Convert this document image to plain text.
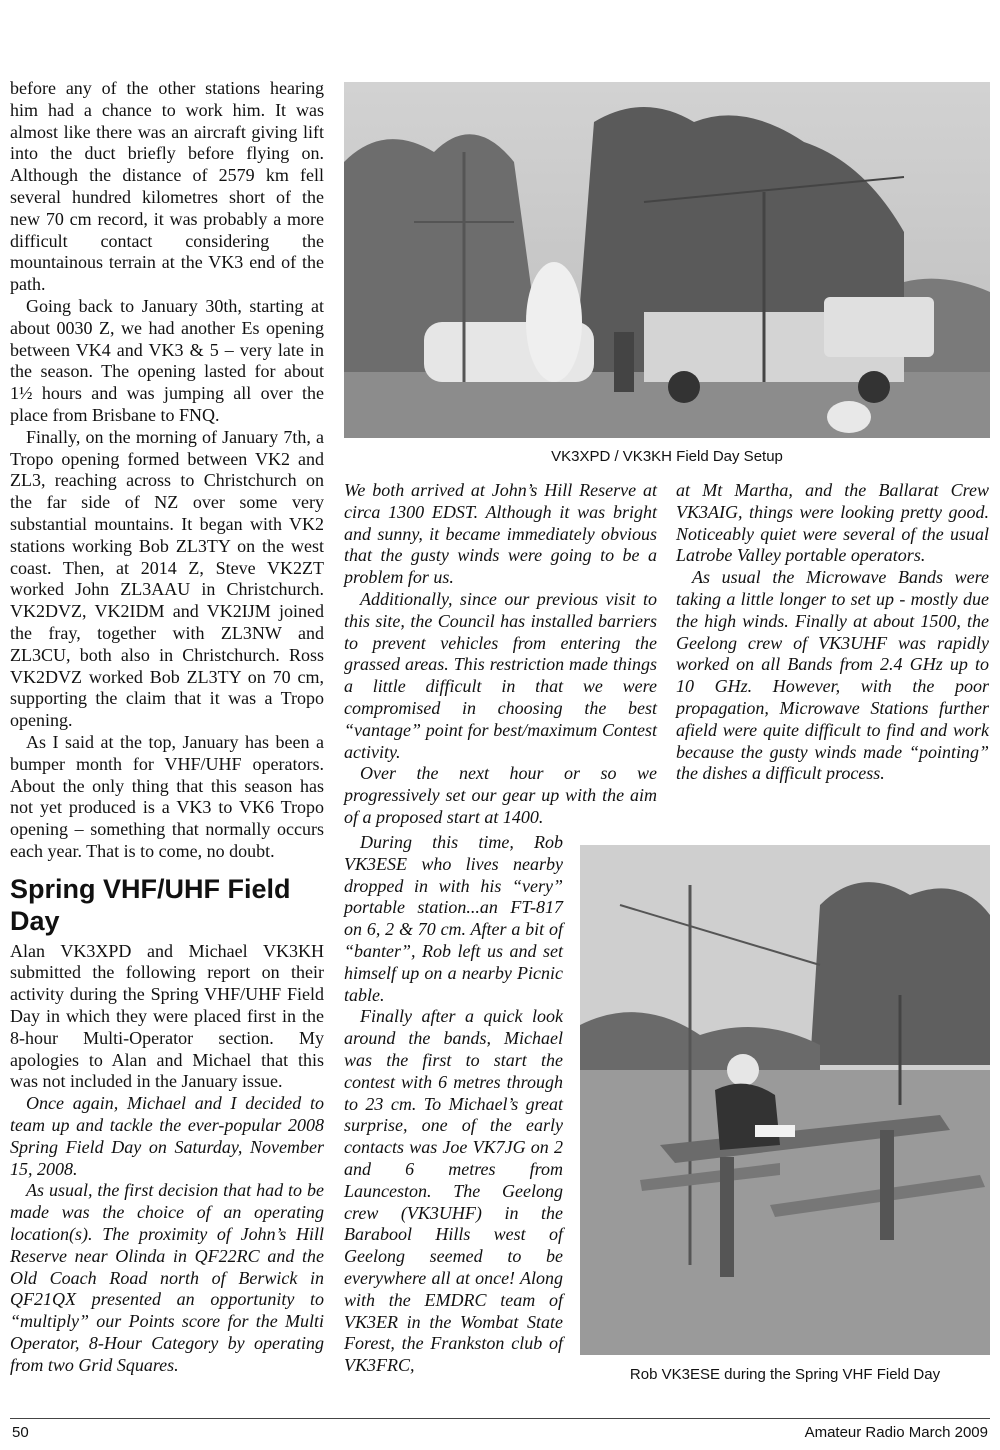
before any of the other stations hearing him had a chance to work him. It was almost like there was an aircraft giving lift into the duct briefly before flying on. Although the distance of 2579 km fell several hundred kilometres short of the new 70 cm record, it was probably a more difficult contact considering the mountainous terrain at the VK3 end of the path.

Going back to January 30th, starting at about 0030 Z, we had another Es opening between VK4 and VK3 & 5 – very late in the season. The opening lasted for about 1½ hours and was jumping all over the place from Brisbane to FNQ.

Finally, on the morning of January 7th, a Tropo opening formed between VK2 and ZL3, reaching across to Christchurch on the far side of NZ over some very substantial mountains. It began with VK2 stations working Bob ZL3TY on the west coast. Then, at 2014 Z, Steve VK2ZT worked John ZL3AAU in Christchurch. VK2DVZ, VK2IDM and VK2IJM joined the fray, together with ZL3NW and ZL3CU, both also in Christchurch. Ross VK2DVZ worked Bob ZL3TY on 70 cm, supporting the claim that it was a Tropo opening.

As I said at the top, January has been a bumper month for VHF/UHF operators. About the only thing that this season has not yet produced is a VK3 to VK6 Tropo opening – something that normally occurs each year. That is to come, no doubt.

Spring VHF/UHF Field Day

Alan VK3XPD and Michael VK3KH submitted the following report on their activity during the Spring VHF/UHF Field Day in which they were placed first in the 8-hour Multi-Operator section. My apologies to Alan and Michael that this was not included in the January issue.

Once again, Michael and I decided to team up and tackle the ever-popular 2008 Spring Field Day on Saturday, November 15, 2008.

As usual, the first decision that had to be made was the choice of an operating location(s). The proximity of John’s Hill Reserve near Olinda in QF22RC and the Old Coach Road north of Berwick in QF21QX presented an opportunity to “multiply” our Points score for the Multi Operator, 8-Hour Category by operating from two Grid Squares.

VK3XPD / VK3KH Field Day Setup

We both arrived at John’s Hill Reserve at circa 1300 EDST. Although it was bright and sunny, it became immediately obvious that the gusty winds were going to be a problem for us.

Additionally, since our previous visit to this site, the Council has installed barriers to prevent vehicles from entering the grassed areas. This restriction made things a little difficult in that we were compromised in choosing the best “vantage” point for best/maximum Contest activity.

Over the next hour or so we progressively set our gear up with the aim of a proposed start at 1400.

During this time, Rob VK3ESE who lives nearby dropped in with his “very” portable station...an FT-817 on 6, 2 & 70 cm. After a bit of “banter”, Rob left us and set himself up on a nearby Picnic table.

Finally after a quick look around the bands, Michael was the first to start the contest with 6 metres through to 23 cm. To Michael’s great surprise, one of the early contacts was Joe VK7JG on 2 and 6 metres from Launceston. The Geelong crew (VK3UHF) in the Barabool Hills west of Geelong seemed to be everywhere all at once! Along with the EMDRC team of VK3ER in the Wombat State Forest, the Frankston club of VK3FRC,

at Mt Martha, and the Ballarat Crew VK3AIG, things were looking pretty good. Noticeably quiet were several of the usual Latrobe Valley portable operators.

As usual the Microwave Bands were taking a little longer to set up - mostly due the high winds. Finally at about 1500, the Geelong crew of VK3UHF was rapidly worked on all Bands from 2.4 GHz up to 10 GHz. However, with the poor propagation, Microwave Stations further afield were quite difficult to find and work because the gusty winds made “pointing” the dishes a difficult process.

Rob VK3ESE during the Spring VHF Field Day
50	Amateur Radio March 2009
